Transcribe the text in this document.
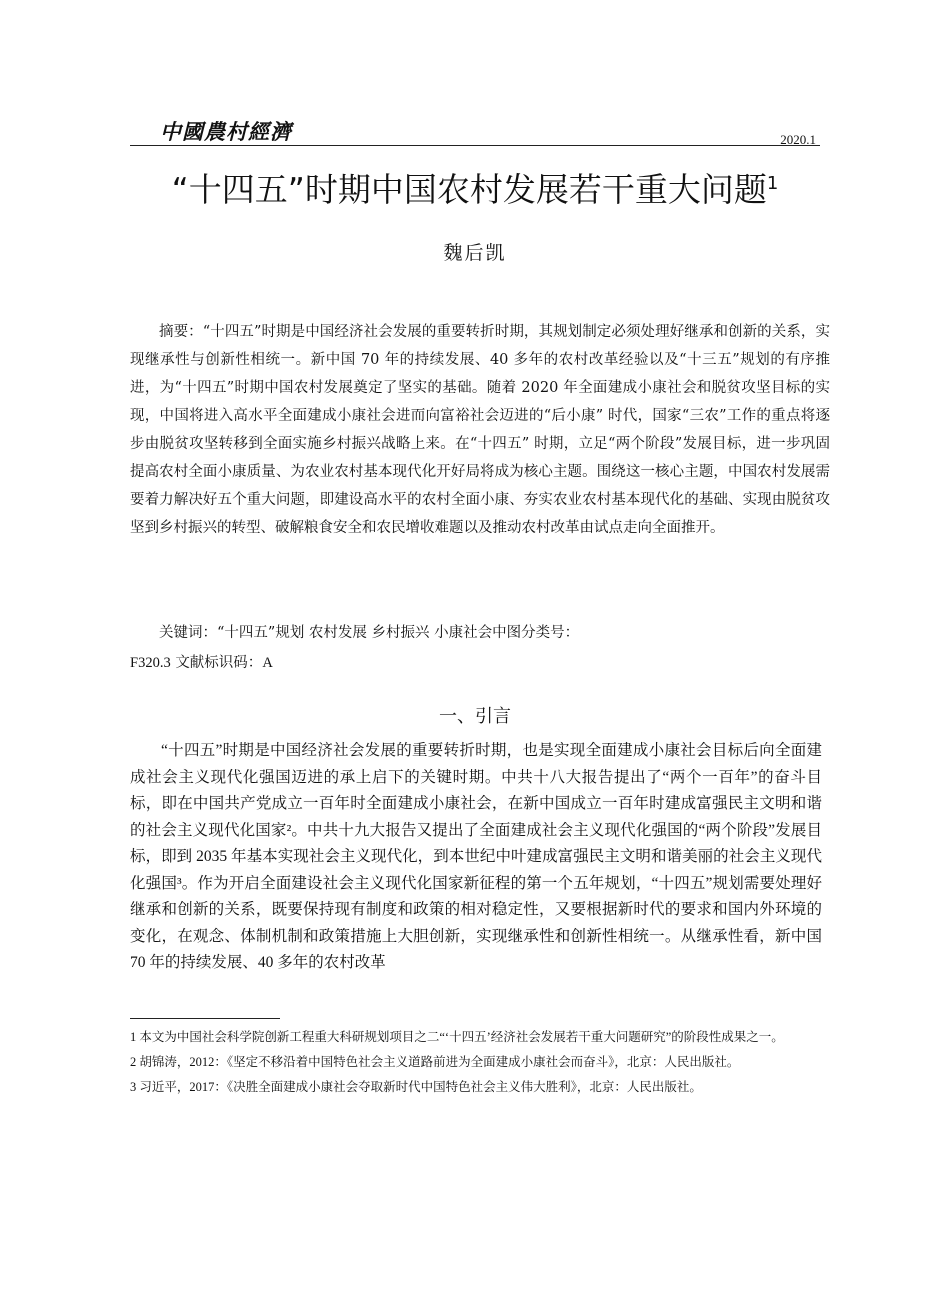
中國農村經濟	2020.1
“十四五”时期中国农村发展若干重大问题$^1$
魏后凯
摘要：“十四五”时期是中国经济社会发展的重要转折时期，其规划制定必须处理好继承和创新的关系，实现继承性与创新性相统一。新中国 70 年的持续发展、40 多年的农村改革经验以及“十三五”规划的有序推进，为“十四五”时期中国农村发展奠定了坚实的基础。随着 2020 年全面建成小康社会和脱贫攻坚目标的实现，中国将进入高水平全面建成小康社会进而向富裕社会迈进的“后小康” 时代，国家“三农”工作的重点将逐步由脱贫攻坚转移到全面实施乡村振兴战略上来。在“十四五” 时期，立足“两个阶段”发展目标，进一步巩固提高农村全面小康质量、为农业农村基本现代化开好局将成为核心主题。围绕这一核心主题，中国农村发展需要着力解决好五个重大问题，即建设高水平的农村全面小康、夯实农业农村基本现代化的基础、实现由脱贫攻坚到乡村振兴的转型、破解粮食安全和农民增收难题以及推动农村改革由试点走向全面推开。
关键词：“十四五”规划 农村发展 乡村振兴 小康社会中图分类号：
F320.3 文献标识码：A
一、引言

“十四五”时期是中国经济社会发展的重要转折时期，也是实现全面建成小康社会目标后向全面建成社会主义现代化强国迈进的承上启下的关键时期。中共十八大报告提出了“两个一百年”的奋斗目标，即在中国共产党成立一百年时全面建成小康社会，在新中国成立一百年时建成富强民主文明和谐的社会主义现代化国家²。中共十九大报告又提出了全面建成社会主义现代化强国的“两个阶段”发展目标，即到 2035 年基本实现社会主义现代化，到本世纪中叶建成富强民主文明和谐美丽的社会主义现代化强国³。作为开启全面建设社会主义现代化国家新征程的第一个五年规划，“十四五”规划需要处理好继承和创新的关系，既要保持现有制度和政策的相对稳定性，又要根据新时代的要求和国内外环境的变化，在观念、体制机制和政策措施上大胆创新，实现继承性和创新性相统一。从继承性看，新中国 70 年的持续发展、40 多年的农村改革

1 本文为中国社会科学院创新工程重大科研规划项目之二“‘十四五’经济社会发展若干重大问题研究”的阶段性成果之一。

2 胡锦涛，2012：《坚定不移沿着中国特色社会主义道路前进为全面建成小康社会而奋斗》，北京：人民出版社。

3 习近平，2017：《决胜全面建成小康社会夺取新时代中国特色社会主义伟大胜利》，北京：人民出版社。
